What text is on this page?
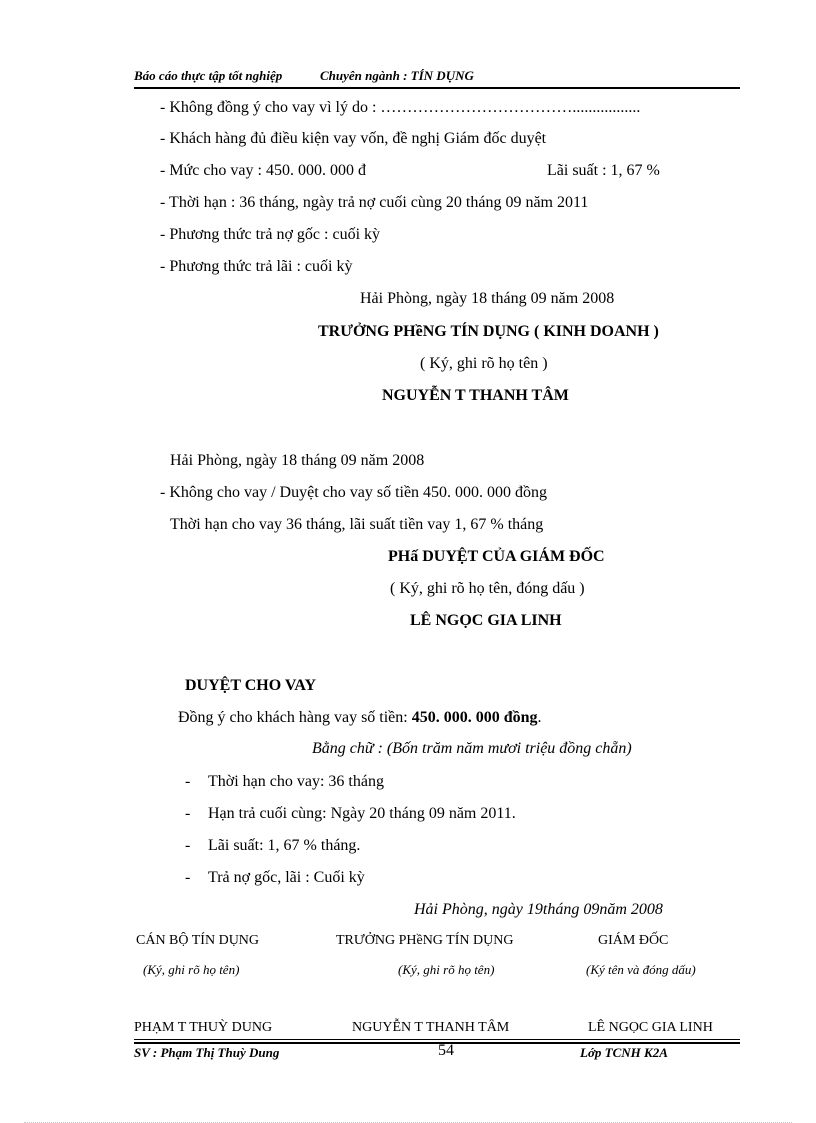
Báo cáo thực tập tốt nghiệp	Chuyên ngành : TÍN DỤNG
- Không đồng ý cho vay vì lý do : ……………………………….................
- Khách hàng đủ điều kiện vay vốn, đề nghị Giám đốc duyệt
- Mức cho vay : 450. 000. 000 đ	Lãi suất : 1, 67 %
- Thời hạn : 36 tháng, ngày trả nợ cuối cùng 20 tháng 09 năm 2011
- Phương thức trả nợ gốc : cuối kỳ
- Phương thức trả lãi : cuối kỳ
Hải Phòng, ngày 18 tháng 09 năm 2008
TRƯỞNG PHềNG TÍN DỤNG ( KINH DOANH )
( Ký, ghi rõ họ tên )
NGUYỄN T THANH TÂM
Hải Phòng, ngày 18 tháng 09 năm 2008
- Không cho vay / Duyệt cho vay số tiền 450. 000. 000 đồng
Thời hạn cho vay 36 tháng, lãi suất tiền vay 1, 67 % tháng
PHấ DUYỆT CỦA GIÁM ĐỐC
( Ký, ghi rõ họ tên, đóng dấu )
LÊ NGỌC GIA LINH
DUYỆT CHO VAY
Đồng ý cho khách hàng vay số tiền: 450. 000. 000 đồng.
Bằng chữ : (Bốn trăm năm mươi triệu đồng chẵn)
- Thời hạn cho vay: 36 tháng
- Hạn trả cuối cùng: Ngày 20 tháng 09 năm 2011.
- Lãi suất: 1, 67 % tháng.
- Trả nợ gốc, lãi : Cuối kỳ
Hải Phòng, ngày 19tháng 09năm 2008
CÁN BỘ TÍN DỤNG	TRƯỞNG PHềNG TÍN DỤNG	GIÁM ĐỐC
(Ký, ghi rõ họ tên)	(Ký, ghi rõ họ tên)	(Ký tên và đóng dấu)
PHẠM T THUỲ DUNG	NGUYỄN T THANH TÂM	LÊ NGỌC GIA LINH
SV : Phạm Thị Thuỳ Dung	54	Lớp TCNH K2A
